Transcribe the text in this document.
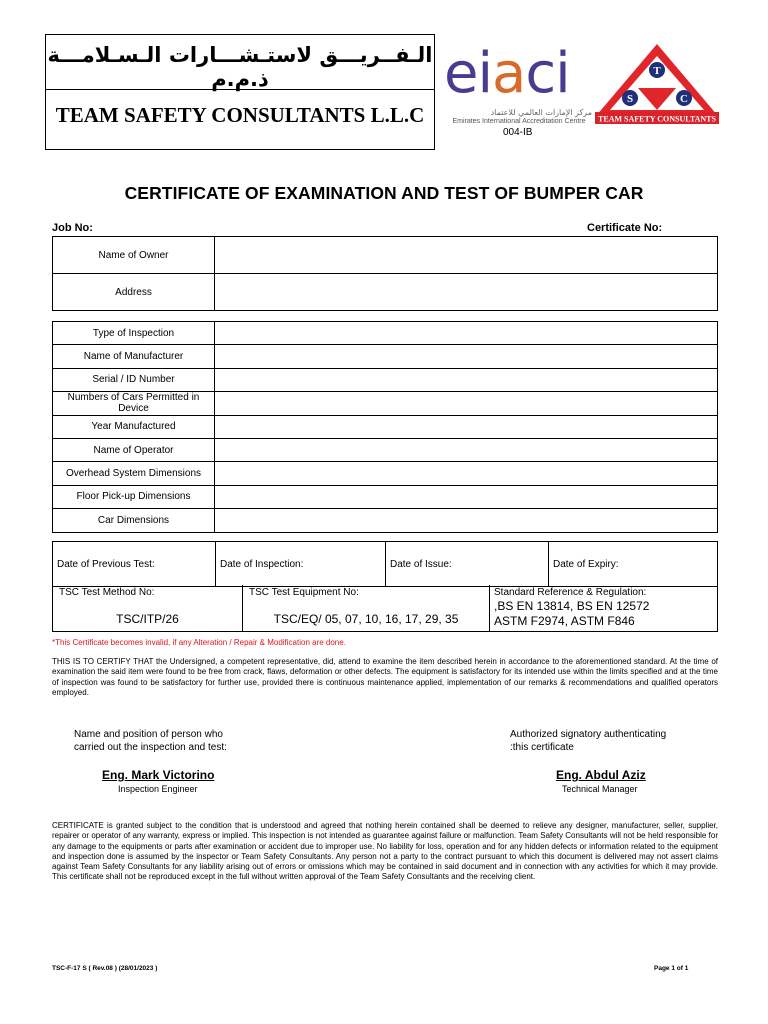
الـفــريـــق لاستـشـــارات الـسـلامـــة ذ.م.م
TEAM SAFETY CONSULTANTS L.L.C
eiaci
مركز الإمارات العالمي للاعتماد
Emirates International Accreditation Centre
004-IB
T
S	C
TEAM SAFETY CONSULTANTS
CERTIFICATE OF EXAMINATION AND TEST OF BUMPER CAR
Job No:	Certificate No:
Name of Owner	
Address	
Type of Inspection	
Name of Manufacturer	
Serial / ID Number	
Numbers of Cars Permitted in Device	
Year Manufactured	
Name of Operator	
Overhead System Dimensions	
Floor Pick-up Dimensions	
Car Dimensions	
Date of Previous Test:	Date of Inspection:	Date of Issue:	Date of Expiry:
TSC Test Method No:
TSC/ITP/26
TSC Test Equipment No:
TSC/EQ/ 05, 07, 10, 16, 17, 29, 35
Standard Reference & Regulation:
,BS EN 13814, BS EN 12572
ASTM F2974, ASTM F846
*This Certificate becomes invalid, if any Alteration / Repair & Modification are done.
THIS IS TO CERTIFY THAT the Undersigned, a competent representative, did, attend to examine the item described herein in accordance to the aforementioned standard. At the time of examination the said item were found to be free from crack, flaws, deformation or other defects. The equipment is satisfactory for its intended use within the limits specified and at the time of inspection was found to be satisfactory for further use, provided there is continuous maintenance applied, implementation of our remarks & recommendations and qualified operators employed.
Name and position of person who
carried out the inspection and test:
Authorized signatory authenticating
:this certificate
Eng. Mark Victorino
Inspection Engineer
Eng. Abdul Aziz
Technical Manager
CERTIFICATE is granted subject to the condition that is understood and agreed that nothing herein contained shall be deemed to relieve any designer, manufacturer, seller, supplier, repairer or operator of any warranty, express or implied. This inspection is not intended as guarantee against failure or malfunction. Team Safety Consultants will not be held responsible for any damage to the equipments or parts after examination or accident due to improper use. No liability for loss, operation and for any hidden defects or information related to the equipment and inspection done is assumed by the inspector or Team Safety Consultants. Any person not a party to the contract pursuant to which this document is delivered may not assert claims against Team Safety Consultants for any liability arising out of errors or omissions which may be contained in said document and in connection with any activities for which it may provide. This certificate shall not be reproduced except in the full without written approval of the Team Safety Consultants and the receiving client.
TSC-F-17 S ( Rev.08 ) (28/01/2023 )	Page 1 of 1
